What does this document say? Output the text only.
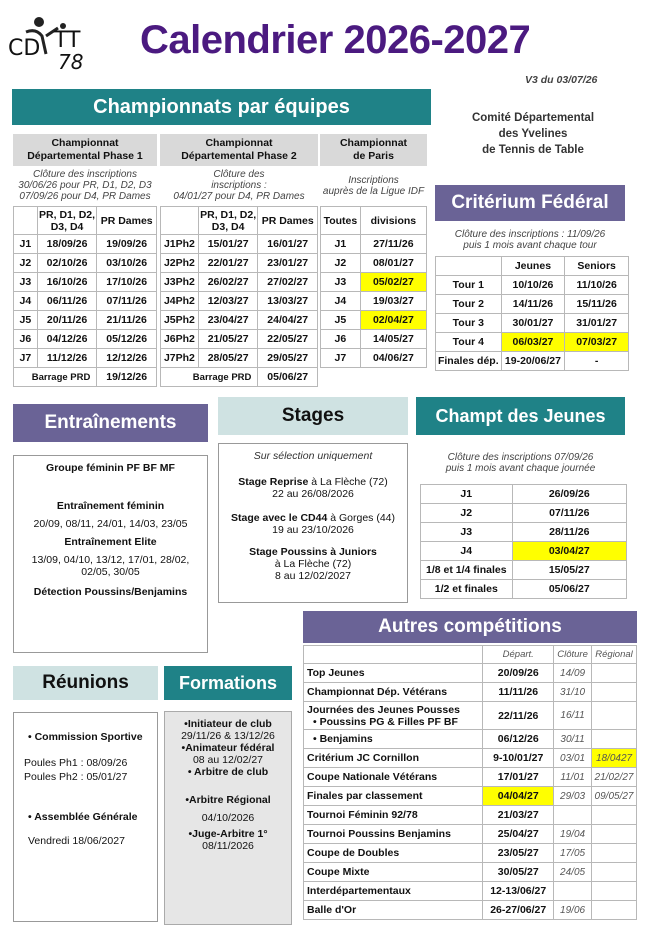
CD TT
78 Calendrier 2026-2027
V3 du 03/07/26
Championnats par équipes	Comité Départemental
des Yvelines
de Tennis de Table
Championnat
Départemental Phase 1
Championnat
Départemental Phase 2
Championnat
de Paris
Clôture des inscriptions
30/06/26 pour PR, D1, D2, D3
07/09/26 pour D4, PR Dames
Clôture des
inscriptions :
04/01/27 pour D4, PR Dames
Inscriptions
auprès de la Ligue IDF
	PR, D1, D2, D3, D4	PR Dames
J1	18/09/26	19/09/26
J2	02/10/26	03/10/26
J3	16/10/26	17/10/26
J4	06/11/26	07/11/26
J5	20/11/26	21/11/26
J6	04/12/26	05/12/26
J7	11/12/26	12/12/26
Barrage PRD		19/12/26
	PR, D1, D2, D3, D4	PR Dames
J1Ph2	15/01/27	16/01/27
J2Ph2	22/01/27	23/01/27
J3Ph2	26/02/27	27/02/27
J4Ph2	12/03/27	13/03/27
J5Ph2	23/04/27	24/04/27
J6Ph2	21/05/27	22/05/27
J7Ph2	28/05/27	29/05/27
Barrage PRD		05/06/27
Toutes	divisions
J1	27/11/26
J2	08/01/27
J3	05/02/27
J4	19/03/27
J5	02/04/27
J6	14/05/27
J7	04/06/27
Critérium Fédéral
Clôture des inscriptions : 11/09/26
puis 1 mois avant chaque tour
	Jeunes	Seniors
Tour 1	10/10/26	11/10/26
Tour 2	14/11/26	15/11/26
Tour 3	30/01/27	31/01/27
Tour 4	06/03/27	07/03/27
Finales dép.	19-20/06/27	-
Entraînements
Groupe féminin PF BF MF
Entraînement féminin
20/09, 08/11, 24/01, 14/03, 23/05
Entraînement Elite
13/09, 04/10, 13/12, 17/01, 28/02,
02/05, 30/05
Détection Poussins/Benjamins
Stages
Sur sélection uniquement
Stage Reprise à La Flèche (72)
22 au 26/08/2026
Stage avec le CD44 à Gorges (44)
19 au 23/10/2026
Stage Poussins à Juniors
à La Flèche (72)
8 au 12/02/2027
Champt des Jeunes
Clôture des inscriptions 07/09/26
puis 1 mois avant chaque journée
J1	26/09/26
J2	07/11/26
J3	28/11/26
J4	03/04/27
1/8 et 1/4 finales	15/05/27
1/2 et finales	05/06/27
Autres compétitions
	Départ.	Clôture	Régional
Top Jeunes	20/09/26	14/09	
Championnat Dép. Vétérans	11/11/26	31/10	

Journées des Jeunes Pousses
• Poussins PG & Filles PF BF	22/11/26	16/11	
• Benjamins	06/12/26	30/11	
Critérium JC Cornillon	9-10/01/27	03/01	18/0427
Coupe Nationale Vétérans	17/01/27	11/01	21/02/27
Finales par classement	04/04/27	29/03	09/05/27
Tournoi Féminin 92/78	21/03/27		
Tournoi Poussins Benjamins	25/04/27	19/04	
Coupe de Doubles	23/05/27	17/05	
Coupe Mixte	30/05/27	24/05	
Interdépartementaux	12-13/06/27		
Balle d'Or	26-27/06/27	19/06	
Réunions
• Commission Sportive
Poules Ph1 : 08/09/26
Poules Ph2 : 05/01/27
• Assemblée Générale
Vendredi 18/06/2027
Formations
•Initiateur de club
29/11/26 & 13/12/26
•Animateur fédéral
08 au 12/02/27
• Arbitre de club
•Arbitre Régional
04/10/2026
•Juge-Arbitre 1°
08/11/2026
